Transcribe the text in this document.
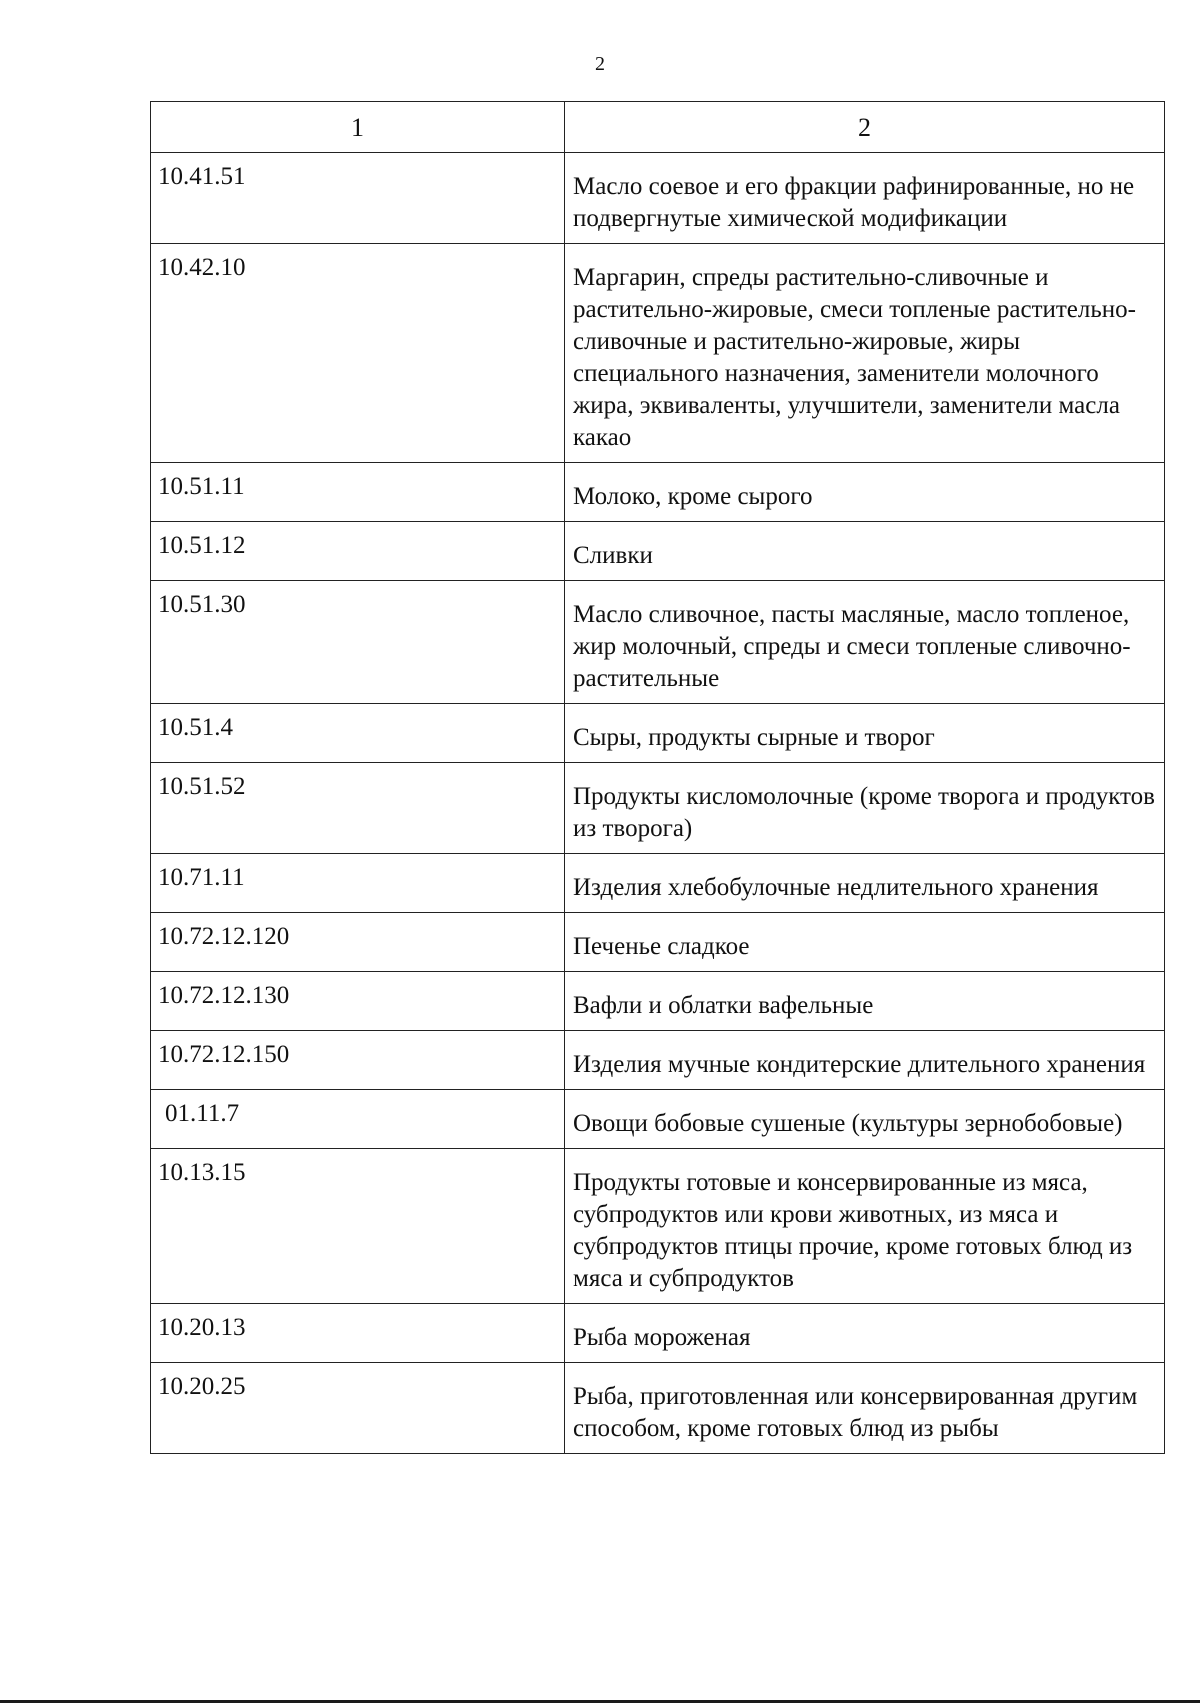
2
1	2
10.41.51	Масло соевое и его фракции рафинированные, но не подвергнутые химической модификации
10.42.10	Маргарин, спреды растительно-сливочные и растительно-жировые, смеси топленые растительно-сливочные и растительно-жировые, жиры специального назначения, заменители молочного жира, эквиваленты, улучшители, заменители масла какао
10.51.11	Молоко, кроме сырого
10.51.12	Сливки
10.51.30	Масло сливочное, пасты масляные, масло топленое, жир молочный, спреды и смеси топленые сливочно-растительные
10.51.4	Сыры, продукты сырные и творог
10.51.52	Продукты кисломолочные (кроме творога и продуктов из творога)
10.71.11	Изделия хлебобулочные недлительного хранения
10.72.12.120	Печенье сладкое
10.72.12.130	Вафли и облатки вафельные
10.72.12.150	Изделия мучные кондитерские длительного хранения
01.11.7	Овощи бобовые сушеные (культуры зернобобовые)
10.13.15	Продукты готовые и консервированные из мяса, субпродуктов или крови животных, из мяса и субпродуктов птицы прочие, кроме готовых блюд из мяса и субпродуктов
10.20.13	Рыба мороженая
10.20.25	Рыба, приготовленная или консервированная другим способом, кроме готовых блюд из рыбы
